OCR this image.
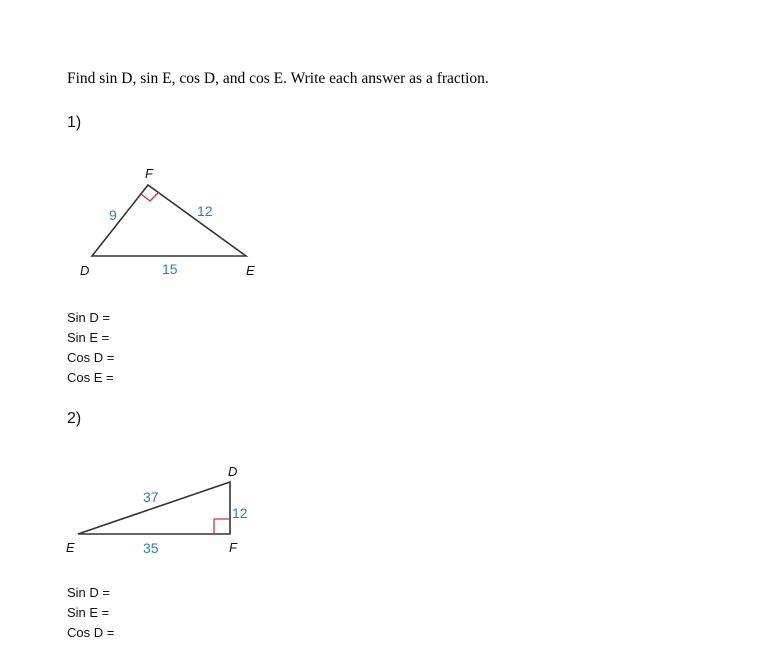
Find sin D, sin E, cos D, and cos E. Write each answer as a fraction.
1)
F
D	E
9	12
15
D
E	F
37
12
35
Sin D =
Sin E =
Cos D =
Cos E =
2)
Sin D =
Sin E =
Cos D =
